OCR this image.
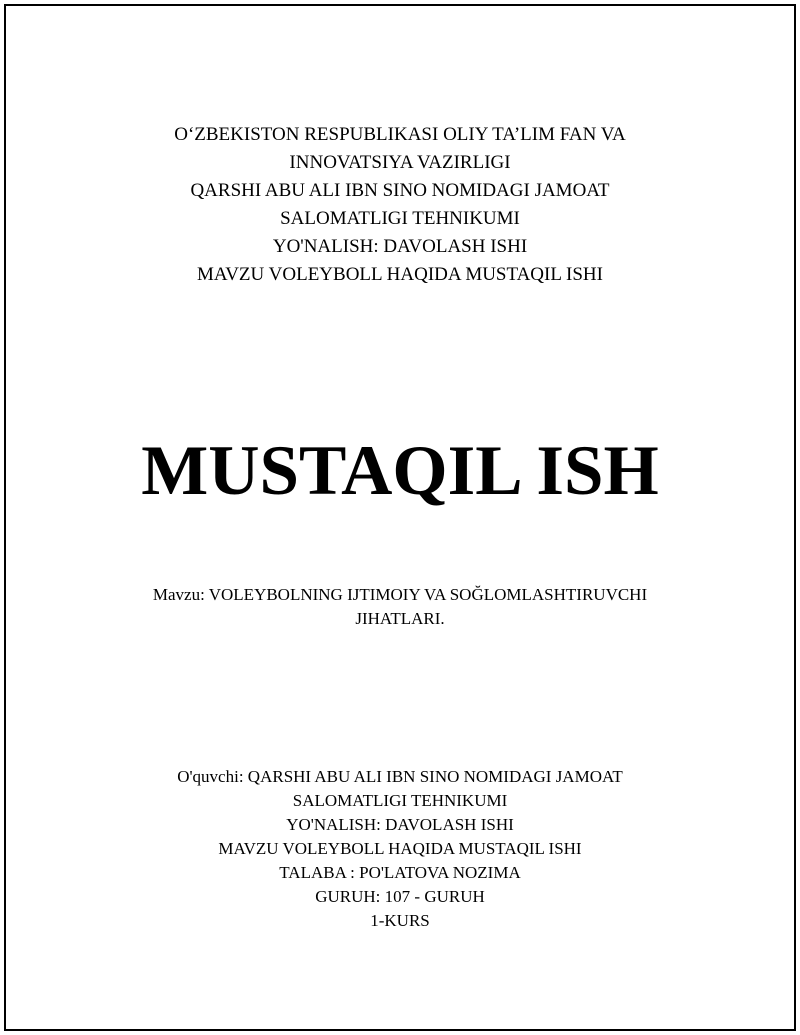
O‘ZBEKISTON RESPUBLIKASI OLIY TA’LIM FAN VA
INNOVATSIYA VAZIRLIGI
QARSHI ABU ALI IBN SINO NOMIDAGI JAMOAT
SALOMATLIGI TEHNIKUMI
YO'NALISH: DAVOLASH ISHI
MAVZU VOLEYBOLL HAQIDA MUSTAQIL ISHI
MUSTAQIL ISH
Mavzu: VOLEYBOLNING IJTIMOIY VA SOĞLOMLASHTIRUVCHI
JIHATLARI.
O'quvchi: QARSHI ABU ALI IBN SINO NOMIDAGI JAMOAT
SALOMATLIGI TEHNIKUMI
YO'NALISH: DAVOLASH ISHI
MAVZU VOLEYBOLL HAQIDA MUSTAQIL ISHI
TALABA : PO'LATOVA NOZIMA
GURUH: 107 - GURUH
1-KURS
